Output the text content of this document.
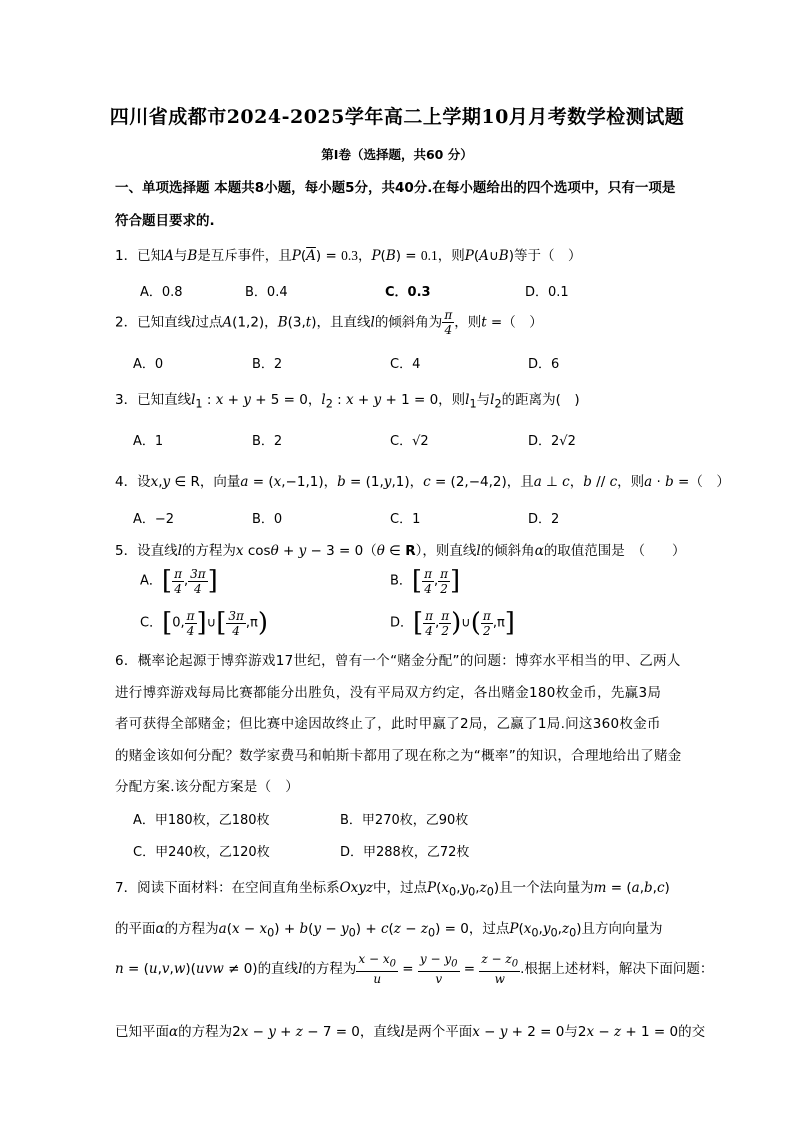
四川省成都市2024-2025学年高二上学期10月月考数学检测试题
第Ⅰ卷（选择题，共60 分）
一、单项选择题 本题共8小题，每小题5分，共40分.在每小题给出的四个选项中，只有一项是符合题目要求的.
1．已知A与B是互斥事件，且$P(\overline{A}) = 0.3$，P(B) = 0.1，则P(A∪B)等于（　）
A．0.8	B．0.4	C．0.3	D．0.1
2．已知直线l过点A(1,2)，B(3,t)，且直线l的倾斜角为 $\frac{\pi}{4}$ ，则t =（　）
A．0	B．2	C．4	D．6
3．已知直线$l_1$ : x + y + 5 = 0，$l_2$ : x + y + 1 = 0，则$l_1$与$l_2$的距离为(　)
A．1	B．2	C．√2	D．2√2
4．设x,y ∈ R，向量a = (x,−1,1)，b = (1,y,1)，c = (2,−4,2)，且a ⊥ c，b // c，则a · b =（　）
A．−2	B．0	C．1	D．2
5．设直线l的方程为x cosθ + y − 3 = 0（θ ∈ R），则直线l的倾斜角α的取值范围是　（　　）
A．[ $\frac{\pi}{4}$ , $\frac{3\pi}{4}$ ]	B．[ $\frac{\pi}{4}$ , $\frac{\pi}{2}$ ]
C．[0, $\frac{\pi}{4}$ ]∪[ $\frac{3\pi}{4} ,\pi$)	D．[ $\frac{\pi}{4}$ , $\frac{\pi}{2}$ )∪( $\frac{\pi}{2} ,\pi$]
6．概率论起源于博弈游戏17世纪，曾有一个“赌金分配”的问题：博弈水平相当的甲、乙两人
进行博弈游戏每局比赛都能分出胜负，没有平局双方约定，各出赌金180枚金币，先赢3局
者可获得全部赌金；但比赛中途因故终止了，此时甲赢了2局，乙赢了1局.问这360枚金币
的赌金该如何分配？数学家费马和帕斯卡都用了现在称之为“概率”的知识，合理地给出了赌金
分配方案.该分配方案是（　）
A．甲180枚，乙180枚	B．甲270枚，乙90枚
C．甲240枚，乙120枚	D．甲288枚，乙72枚
7．阅读下面材料：在空间直角坐标系Oxyz中，过点$P(x_0,y_0,z_0)$且一个法向量为m = (a,b,c)
的平面α的方程为$a(x - x_0) + b(y - y_0) + c(z - z_0) = 0$，过点$P(x_0,y_0,z_0)$且方向向量为
n = (u,v,w)(uvw ≠ 0)的直线l的方程为 $\frac{x - x_0}{u} = \frac{y - y_0}{v} = \frac{z - z_0}{w}$ .根据上述材料，解决下面问题：
已知平面α的方程为2x − y + z − 7 = 0，直线l是两个平面x − y + 2 = 0与2x − z + 1 = 0的交
